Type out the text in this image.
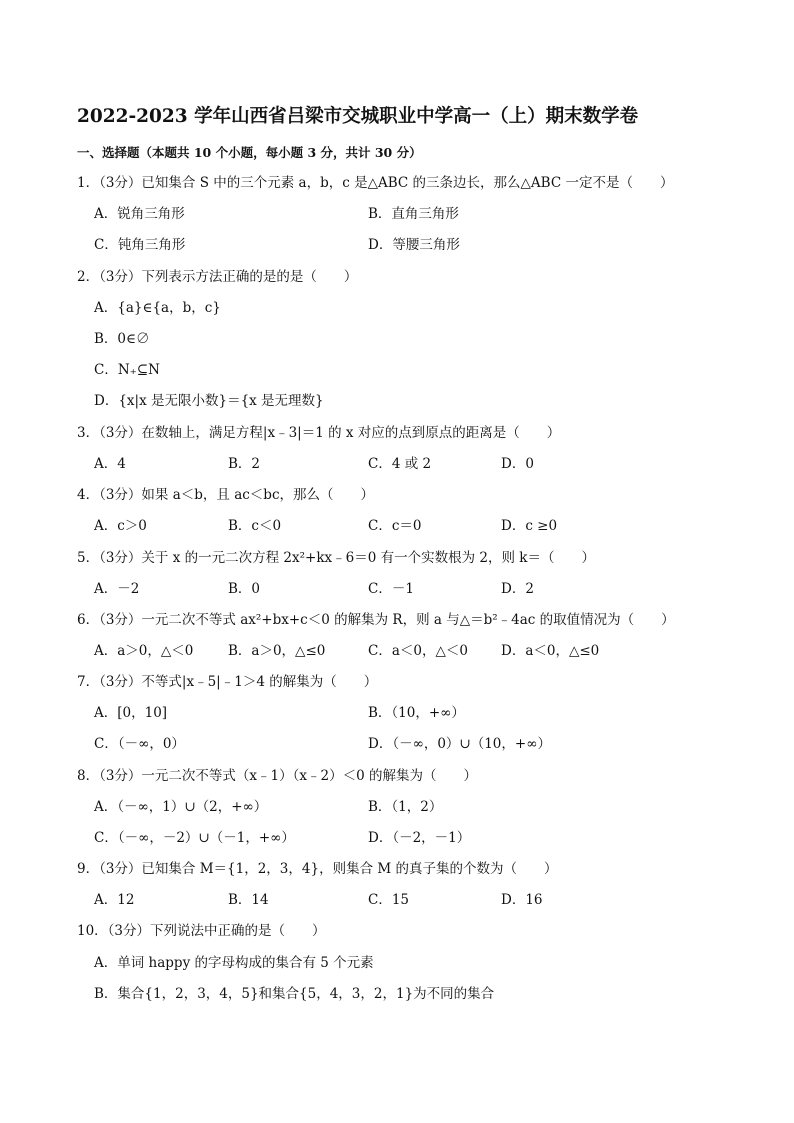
2022-2023 学年山西省吕梁市交城职业中学高一（上）期末数学卷
一、选择题（本题共 10 个小题，每小题 3 分，共计 30 分）
1．（3分）已知集合 S 中的三个元素 a，b，c 是△ABC 的三条边长，那么△ABC 一定不是（　　）
A．锐角三角形	B．直角三角形
C．钝角三角形	D．等腰三角形
2．（3分）下列表示方法正确的是的是（　　）
A．{a}∈{a，b，c}
B．0∈∅
C．N₊⊆N
D．{x|x 是无限小数}＝{x 是无理数}
3．（3分）在数轴上，满足方程|x﹣3|＝1 的 x 对应的点到原点的距离是（　　）
A．4	B．2	C．4 或 2	D．0
4．（3分）如果 a＜b，且 ac＜bc，那么（　　）
A．c＞0	B．c＜0	C．c＝0	D．c ≥0
5．（3分）关于 x 的一元二次方程 2x²+kx﹣6＝0 有一个实数根为 2，则 k＝（　　）
A．－2	B．0	C．－1	D．2
6．（3分）一元二次不等式 ax²+bx+c＜0 的解集为 R，则 a 与△＝b²﹣4ac 的取值情况为（　　）
A．a＞0，△＜0	B．a＞0，△≤0	C．a＜0，△＜0 D．a＜0，△≤0
7．（3分）不等式|x﹣5|﹣1＞4 的解集为（　　）
A．[0，10]	B．（10，+∞）
C．（－∞，0）	D．（－∞，0）∪（10，+∞）
8．（3分）一元二次不等式（x﹣1）（x﹣2）＜0 的解集为（　　）
A．（－∞，1）∪（2，+∞）	B．（1，2）
C．（－∞，－2）∪（－1，+∞）	D．（－2，－1）
9．（3分）已知集合 M＝{1，2，3，4}，则集合 M 的真子集的个数为（　　）
A．12	B．14	C．15	D．16
10．（3分）下列说法中正确的是（　　）
A．单词 happy 的字母构成的集合有 5 个元素
B．集合{1，2，3，4，5}和集合{5，4，3，2，1}为不同的集合
